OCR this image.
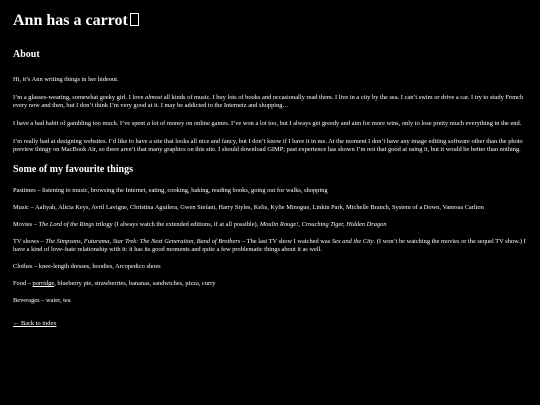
Ann has a carrot
About

Hi, it’s Ann writing things in her hideout.

I’m a glasses-wearing, somewhat geeky girl. I love almost all kinds of music. I buy lots of books and occasionally read them. I live in a city by the sea. I can’t swim or drive a car. I try to study French every now and then, but I don’t think I’m very good at it. I may be addicted to the Internetz and shopping…

I have a bad habit of gambling too much. I’ve spent a lot of money on online games. I’ve won a lot too, but I always get greedy and aim for more wins, only to lose pretty much everything in the end.

I’m really bad at designing websites. I’d like to have a site that looks all nice and fancy, but I don’t know if I have it in me. At the moment I don’t have any image editing software other than the photo preview thingy on MacBook Air, so there aren’t that many graphics on this site. I should download GIMP; past experience has shown I’m not that good at using it, but it would be better than nothing.

Some of my favourite things

Pastimes – listening to music, browsing the Internet, eating, cooking, baking, reading books, going out for walks, shopping

Music – Aaliyah, Alicia Keys, Avril Lavigne, Christina Aguilera, Gwen Stefani, Harry Styles, Kelis, Kylie Minogue, Linkin Park, Michelle Branch, System of a Down, Vanessa Carlton

Movies – The Lord of the Rings trilogy (I always watch the extended editions, if at all possible), Moulin Rouge!, Crouching Tiger, Hidden Dragon

TV shows – The Simpsons, Futurama, Star Trek: The Next Generation, Band of Brothers – The last TV show I watched was Sex and the City. (I won’t be watching the movies or the sequel TV show.) I have a kind of love–hate relationship with it: it has its good moments and quite a few problematic things about it as well.

Clothes – knee-length dresses, hoodies, Arcopedico shoes

Food – porridge, blueberry pie, strawberries, bananas, sandwiches, pizza, curry

Beverages – water, tea

← Back to index
